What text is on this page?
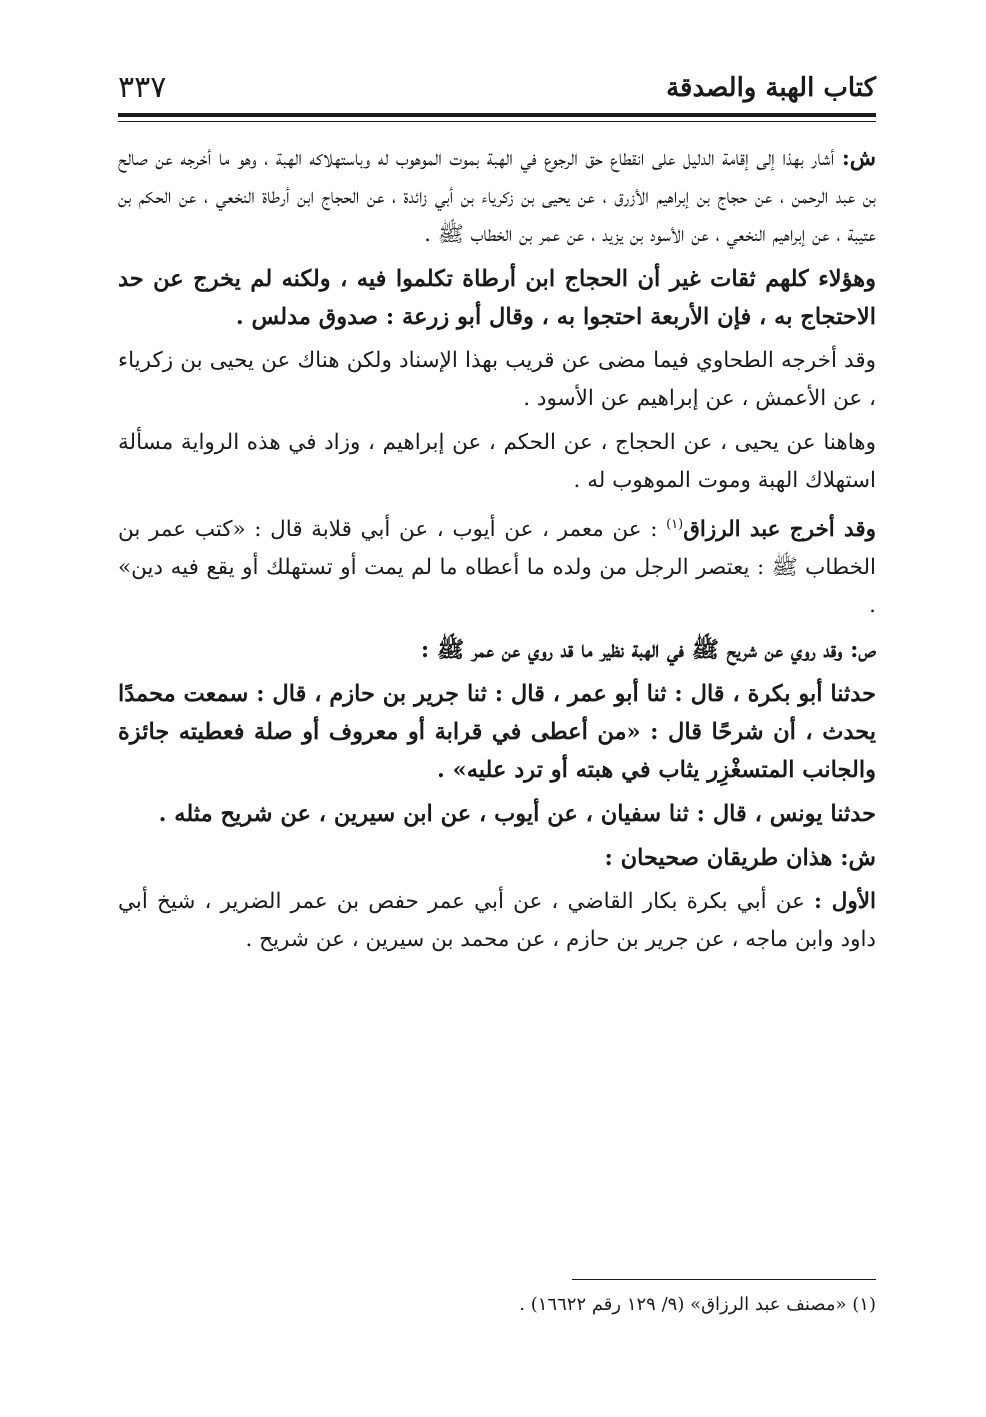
كتاب الهبة والصدقة
٣٣٧

ش: أشار بهذا إلى إقامة الدليل على انقطاع حق الرجوع في الهبة بموت الموهوب له وباستهلاكه الهبة ، وهو ما أخرجه عن صالح بن عبد الرحمن ، عن حجاج بن إبراهيم الأزرق ، عن يحيى بن زكرياء بن أبي زائدة ، عن الحجاج ابن أرطاة النخعي ، عن الحكم بن عتيبة ، عن إبراهيم النخعي ، عن الأسود بن يزيد ، عن عمر بن الخطاب ﷺ .

وهؤلاء كلهم ثقات غير أن الحجاج ابن أرطاة تكلموا فيه ، ولكنه لم يخرج عن حد الاحتجاج به ، فإن الأربعة احتجوا به ، وقال أبو زرعة : صدوق مدلس .

وقد أخرجه الطحاوي فيما مضى عن قريب بهذا الإسناد ولكن هناك عن يحيى بن زكرياء ، عن الأعمش ، عن إبراهيم عن الأسود .

وهاهنا عن يحيى ، عن الحجاج ، عن الحكم ، عن إبراهيم ، وزاد في هذه الرواية مسألة استهلاك الهبة وموت الموهوب له .

وقد أخرج عبد الرزاق$^{(١)}$ : عن معمر ، عن أيوب ، عن أبي قلابة قال : «كتب عمر بن الخطاب ﷺ : يعتصر الرجل من ولده ما أعطاه ما لم يمت أو تستهلك أو يقع فيه دين» .

ص: وقد روي عن شريح ﷺ في الهبة نظير ما قد روي عن عمر ﷺ :

حدثنا أبو بكرة ، قال : ثنا أبو عمر ، قال : ثنا جرير بن حازم ، قال : سمعت محمدًا يحدث ، أن شرحًا قال : «من أعطى في قرابة أو معروف أو صلة فعطيته جائزة والجانب المتسغْزِر يثاب في هبته أو ترد عليه» .

حدثنا يونس ، قال : ثنا سفيان ، عن أيوب ، عن ابن سيرين ، عن شريح مثله .

ش: هذان طريقان صحيحان :

الأول : عن أبي بكرة بكار القاضي ، عن أبي عمر حفص بن عمر الضرير ، شيخ أبي داود وابن ماجه ، عن جرير بن حازم ، عن محمد بن سيرين ، عن شريح .

(١) «مصنف عبد الرزاق» (٩/ ١٢٩ رقم ١٦٦٢٢) .
